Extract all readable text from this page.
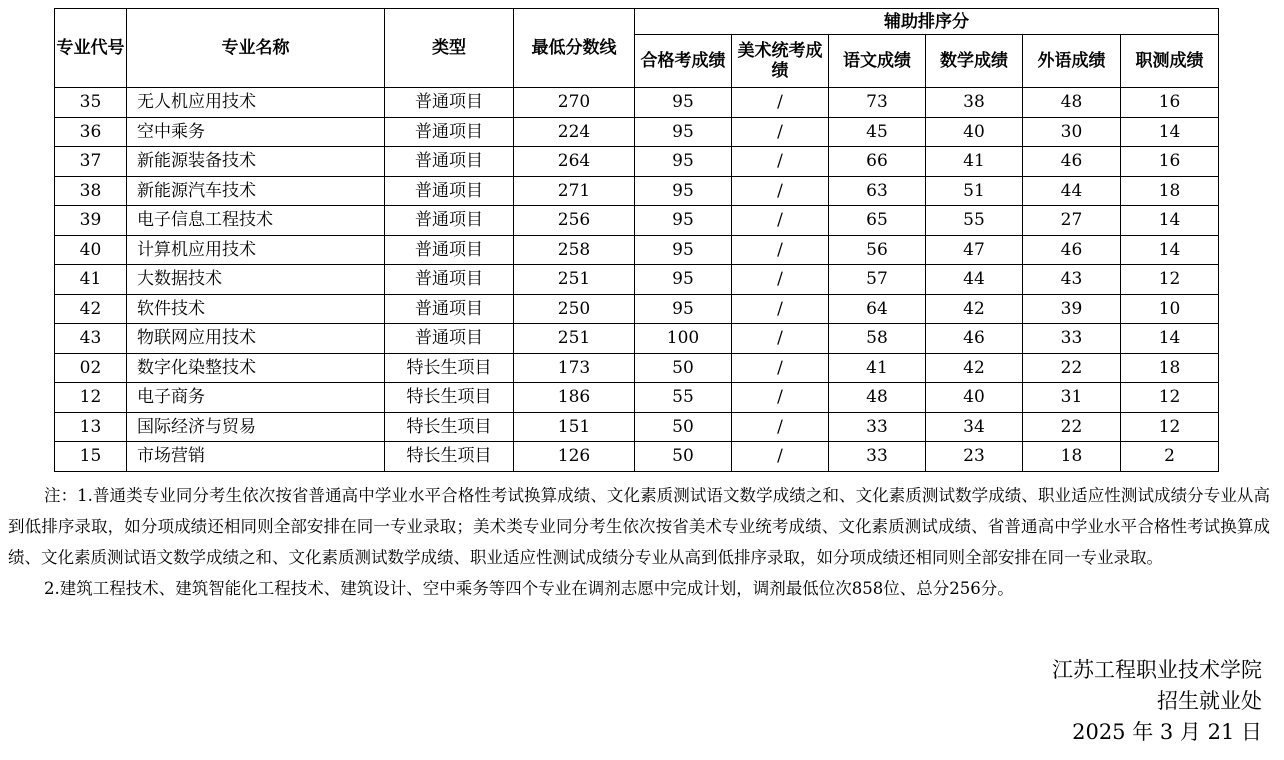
专业代号	专业名称	类型	最低分数线	辅助排序分					
				合格考成绩	美术统考成绩	语文成绩	数学成绩	外语成绩	职测成绩
35	无人机应用技术	普通项目	270	95	∕	73	38	48	16
36	空中乘务	普通项目	224	95	∕	45	40	30	14
37	新能源装备技术	普通项目	264	95	∕	66	41	46	16
38	新能源汽车技术	普通项目	271	95	∕	63	51	44	18
39	电子信息工程技术	普通项目	256	95	∕	65	55	27	14
40	计算机应用技术	普通项目	258	95	∕	56	47	46	14
41	大数据技术	普通项目	251	95	∕	57	44	43	12
42	软件技术	普通项目	250	95	∕	64	42	39	10
43	物联网应用技术	普通项目	251	100	∕	58	46	33	14
02	数字化染整技术	特长生项目	173	50	∕	41	42	22	18
12	电子商务	特长生项目	186	55	∕	48	40	31	12
13	国际经济与贸易	特长生项目	151	50	∕	33	34	22	12
15	市场营销	特长生项目	126	50	∕	33	23	18	2

注：1.普通类专业同分考生依次按省普通高中学业水平合格性考试换算成绩、文化素质测试语文数学成绩之和、文化素质测试数学成绩、职业适应性测试成绩分专业从高到低排序录取，如分项成绩还相同则全部安排在同一专业录取；美术类专业同分考生依次按省美术专业统考成绩、文化素质测试成绩、省普通高中学业水平合格性考试换算成绩、文化素质测试语文数学成绩之和、文化素质测试数学成绩、职业适应性测试成绩分专业从高到低排序录取，如分项成绩还相同则全部安排在同一专业录取。

2.建筑工程技术、建筑智能化工程技术、建筑设计、空中乘务等四个专业在调剂志愿中完成计划，调剂最低位次858位、总分256分。

江苏工程职业技术学院
招生就业处
2025 年 3 月 21 日
